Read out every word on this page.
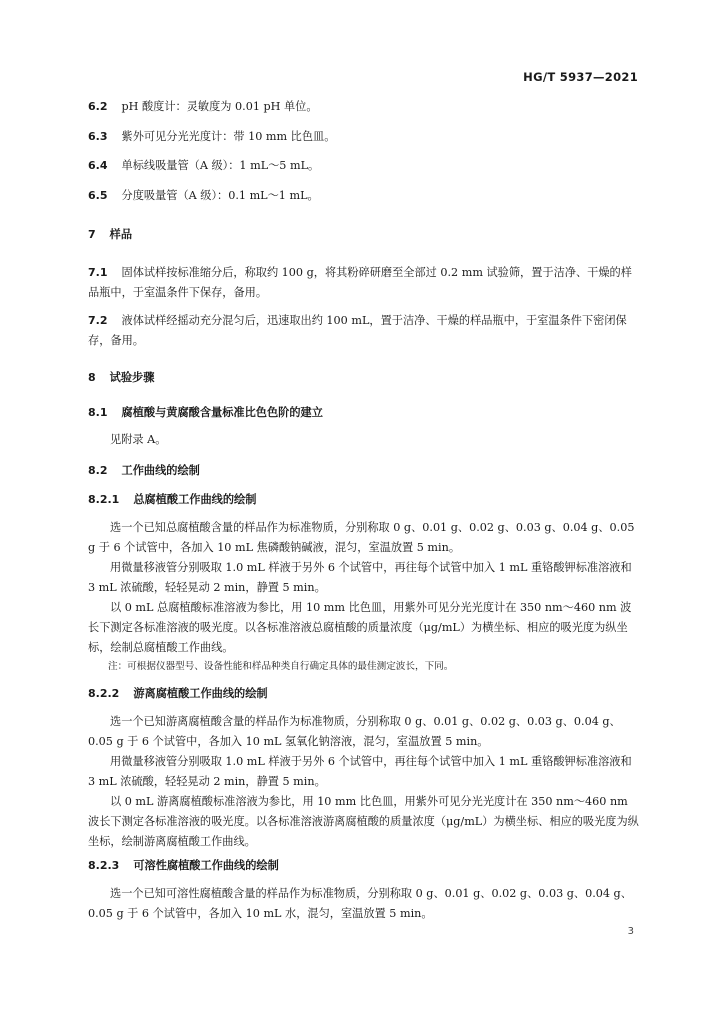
HG/T 5937—2021
6.2 pH 酸度计：灵敏度为 0.01 pH 单位。
6.3 紫外可见分光光度计：带 10 mm 比色皿。
6.4 单标线吸量管（A 级）：1 mL～5 mL。
6.5 分度吸量管（A 级）：0.1 mL～1 mL。
7 样品
7.1 固体试样按标准缩分后，称取约 100 g，将其粉碎研磨至全部过 0.2 mm 试验筛，置于洁净、干燥的样品瓶中，于室温条件下保存，备用。
7.2 液体试样经摇动充分混匀后，迅速取出约 100 mL，置于洁净、干燥的样品瓶中，于室温条件下密闭保存，备用。
8 试验步骤
8.1 腐植酸与黄腐酸含量标准比色色阶的建立
见附录 A。
8.2 工作曲线的绘制
8.2.1 总腐植酸工作曲线的绘制
选一个已知总腐植酸含量的样品作为标准物质，分别称取 0 g、0.01 g、0.02 g、0.03 g、0.04 g、0.05 g 于 6 个试管中，各加入 10 mL 焦磷酸钠碱液，混匀，室温放置 5 min。
用微量移液管分别吸取 1.0 mL 样液于另外 6 个试管中，再往每个试管中加入 1 mL 重铬酸钾标准溶液和 3 mL 浓硫酸，轻轻晃动 2 min，静置 5 min。
以 0 mL 总腐植酸标准溶液为参比，用 10 mm 比色皿，用紫外可见分光光度计在 350 nm～460 nm 波长下测定各标准溶液的吸光度。以各标准溶液总腐植酸的质量浓度（μg/mL）为横坐标、相应的吸光度为纵坐标，绘制总腐植酸工作曲线。
注：可根据仪器型号、设备性能和样品种类自行确定具体的最佳测定波长，下同。
8.2.2 游离腐植酸工作曲线的绘制
选一个已知游离腐植酸含量的样品作为标准物质，分别称取 0 g、0.01 g、0.02 g、0.03 g、0.04 g、0.05 g 于 6 个试管中，各加入 10 mL 氢氧化钠溶液，混匀，室温放置 5 min。
用微量移液管分别吸取 1.0 mL 样液于另外 6 个试管中，再往每个试管中加入 1 mL 重铬酸钾标准溶液和 3 mL 浓硫酸，轻轻晃动 2 min，静置 5 min。
以 0 mL 游离腐植酸标准溶液为参比，用 10 mm 比色皿，用紫外可见分光光度计在 350 nm～460 nm 波长下测定各标准溶液的吸光度。以各标准溶液游离腐植酸的质量浓度（μg/mL）为横坐标、相应的吸光度为纵坐标，绘制游离腐植酸工作曲线。
8.2.3 可溶性腐植酸工作曲线的绘制
选一个已知可溶性腐植酸含量的样品作为标准物质，分别称取 0 g、0.01 g、0.02 g、0.03 g、0.04 g、0.05 g 于 6 个试管中，各加入 10 mL 水，混匀，室温放置 5 min。
3
